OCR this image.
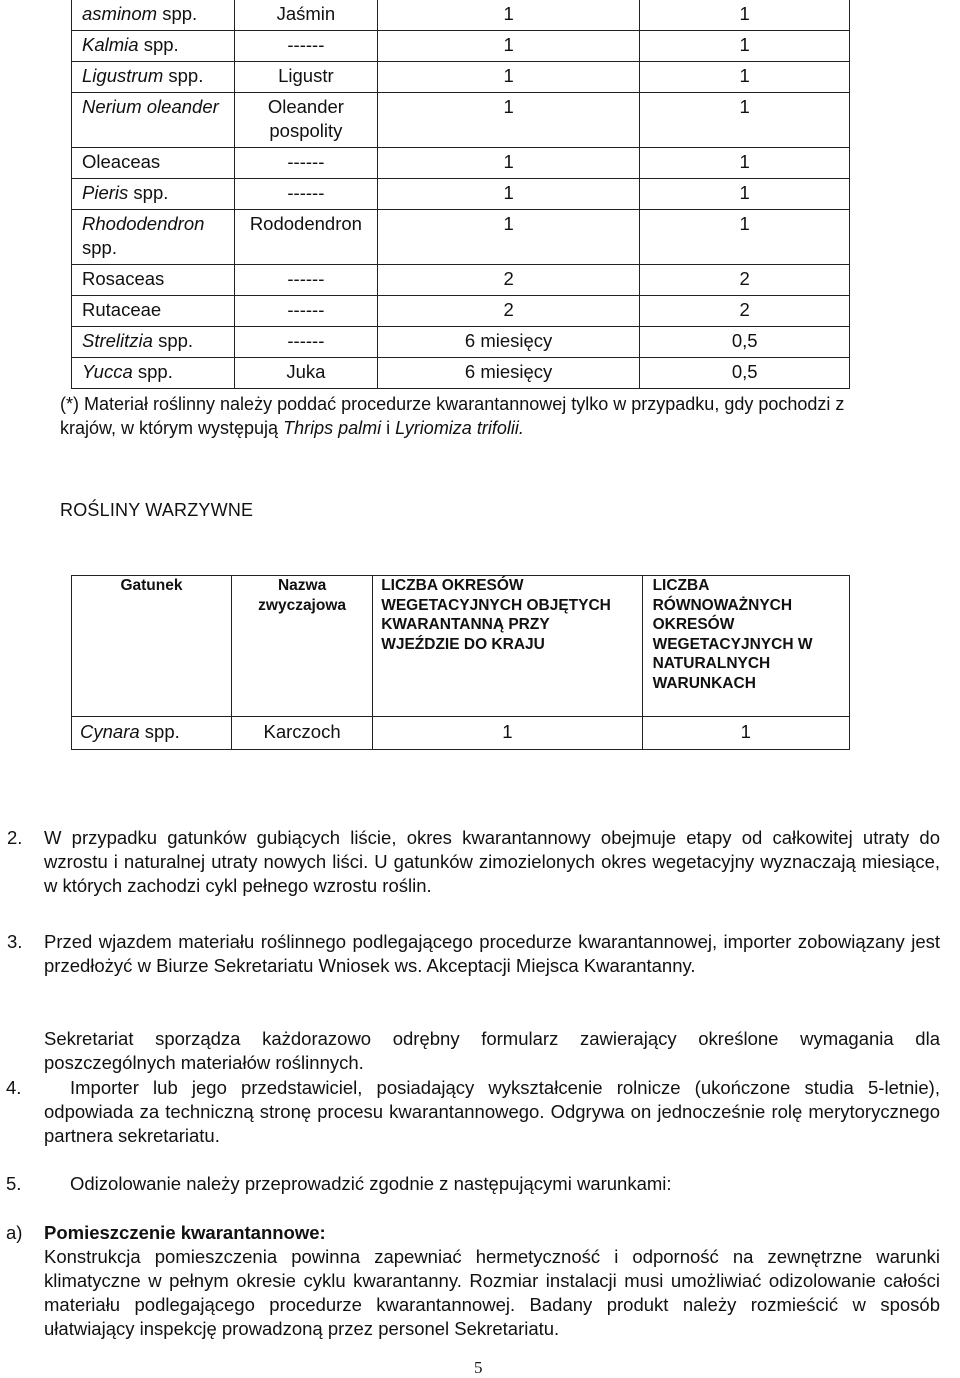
asminom spp.	Jaśmin	1	1
Kalmia spp.	------	1	1
Ligustrum spp.	Ligustr	1	1
Nerium oleander	Oleander pospolity	1	1
Oleaceas	------	1	1
Pieris spp.	------	1	1
Rhododendron spp.	Rododendron	1	1
Rosaceas	------	2	2
Rutaceae	------	2	2
Strelitzia spp.	------	6 miesięcy	0,5
Yucca spp.	Juka	6 miesięcy	0,5
(*) Materiał roślinny należy poddać procedurze kwarantannowej tylko w przypadku, gdy pochodzi z krajów, w którym występują Thrips palmi i Lyriomiza trifolii.
ROŚLINY WARZYWNE
Gatunek	Nazwa zwyczajowa	LICZBA OKRESÓW WEGETACYJNYCH OBJĘTYCH KWARANTANNĄ PRZY WJEŹDZIE DO KRAJU	LICZBA RÓWNOWAŻNYCH OKRESÓW WEGETACYJNYCH W NATURALNYCH WARUNKACH
Cynara spp.	Karczoch	1	1
2. W przypadku gatunków gubiących liście, okres kwarantannowy obejmuje etapy od całkowitej utraty do wzrostu i naturalnej utraty nowych liści. U gatunków zimozielonych okres wegetacyjny wyznaczają miesiące, w których zachodzi cykl pełnego wzrostu roślin.
3. Przed wjazdem materiału roślinnego podlegającego procedurze kwarantannowej, importer zobowiązany jest przedłożyć w Biurze Sekretariatu Wniosek ws. Akceptacji Miejsca Kwarantanny.
Sekretariat sporządza każdorazowo odrębny formularz zawierający określone wymagania dla poszczególnych materiałów roślinnych.
4.	Importer lub jego przedstawiciel, posiadający wykształcenie rolnicze (ukończone studia 5-letnie), odpowiada za techniczną stronę procesu kwarantannowego. Odgrywa on jednocześnie rolę merytorycznego partnera sekretariatu.
5.	Odizolowanie należy przeprowadzić zgodnie z następującymi warunkami:
a) Pomieszczenie kwarantannowe:
Konstrukcja pomieszczenia powinna zapewniać hermetyczność i odporność na zewnętrzne warunki klimatyczne w pełnym okresie cyklu kwarantanny. Rozmiar instalacji musi umożliwiać odizolowanie całości materiału podlegającego procedurze kwarantannowej. Badany produkt należy rozmieścić w sposób ułatwiający inspekcję prowadzoną przez personel Sekretariatu.
5
